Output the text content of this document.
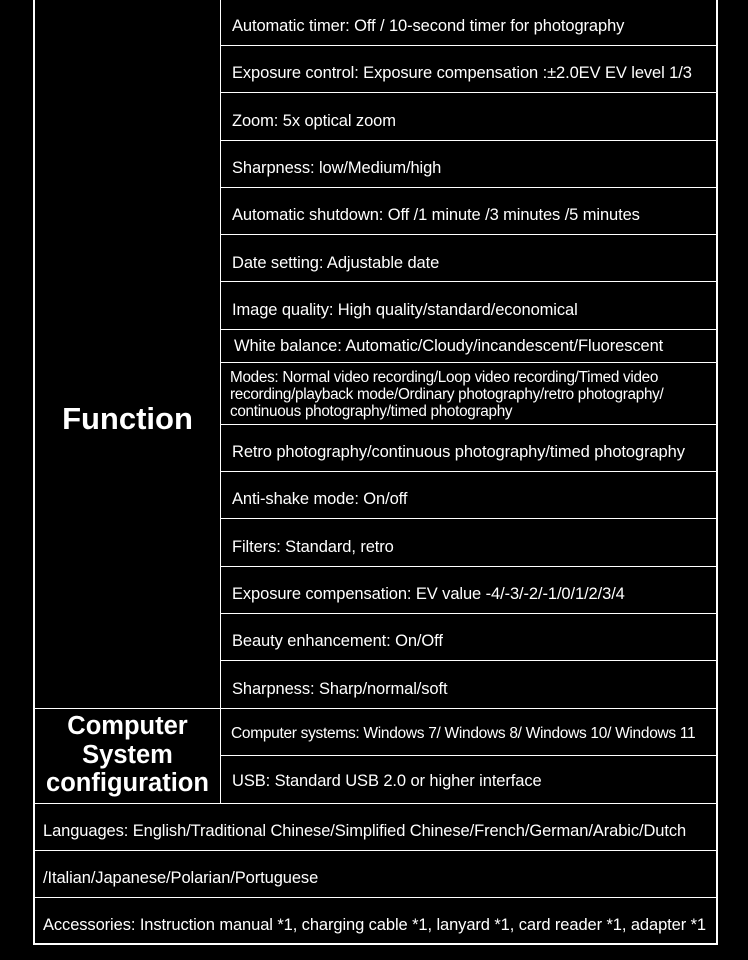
Function
Computer
System
configuration
Automatic timer: Off / 10-second timer for photography
Exposure control: Exposure compensation :±2.0EV EV level 1/3
Zoom: 5x optical zoom
Sharpness: low/Medium/high
Automatic shutdown: Off /1 minute /3 minutes /5 minutes
Date setting: Adjustable date
Image quality: High quality/standard/economical
White balance: Automatic/Cloudy/incandescent/Fluorescent
Modes: Normal video recording/Loop video recording/Timed video recording/playback mode/Ordinary photography/retro photography/ continuous photography/timed photography
Retro photography/continuous photography/timed photography
Anti-shake mode: On/off
Filters: Standard, retro
Exposure compensation: EV value -4/-3/-2/-1/0/1/2/3/4
Beauty enhancement: On/Off
Sharpness: Sharp/normal/soft
Computer systems: Windows 7/ Windows 8/ Windows 10/ Windows 11
USB: Standard USB 2.0 or higher interface
Languages: English/Traditional Chinese/Simplified Chinese/French/German/Arabic/Dutch
/Italian/Japanese/Polarian/Portuguese
Accessories: Instruction manual *1, charging cable *1, lanyard *1, card reader *1, adapter *1
